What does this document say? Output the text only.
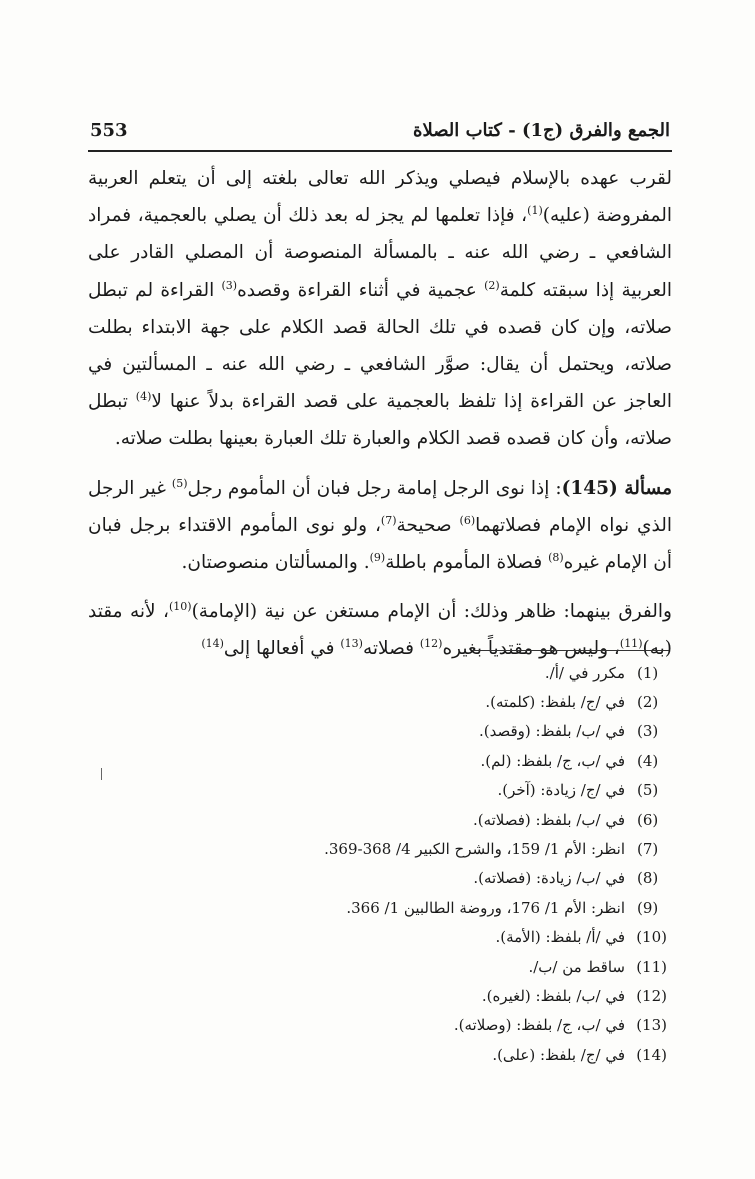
الجمع والفرق (ج1) - كتاب الصلاة
553

لقرب عهده بالإسلام فيصلي ويذكر الله تعالى بلغته إلى أن يتعلم العربية المفروضة (عليه)$^{(1)}$، فإذا تعلمها لم يجز له بعد ذلك أن يصلي بالعجمية، فمراد الشافعي ـ رضي الله عنه ـ بالمسألة المنصوصة أن المصلي القادر على العربية إذا سبقته كلمة$^{(2)}$ عجمية في أثناء القراءة وقصده$^{(3)}$ القراءة لم تبطل صلاته، وإن كان قصده في تلك الحالة قصد الكلام على جهة الابتداء بطلت صلاته، ويحتمل أن يقال: صوَّر الشافعي ـ رضي الله عنه ـ المسألتين في العاجز عن القراءة إذا تلفظ بالعجمية على قصد القراءة بدلاً عنها لا$^{(4)}$ تبطل صلاته، وأن كان قصده قصد الكلام والعبارة تلك العبارة بعينها بطلت صلاته.

مسألة (145): إذا نوى الرجل إمامة رجل فبان أن المأموم رجل$^{(5)}$ غير الرجل الذي نواه الإمام فصلاتهما$^{(6)}$ صحيحة$^{(7)}$، ولو نوى المأموم الاقتداء برجل فبان أن الإمام غيره$^{(8)}$ فصلاة المأموم باطلة$^{(9)}$. والمسألتان منصوصتان.

والفرق بينهما: ظاهر وذلك: أن الإمام مستغن عن نية (الإمامة)$^{(10)}$، لأنه مقتد (به)$^{(11)}$، وليس هو مقتدياً بغيره$^{(12)}$ فصلاته$^{(13)}$ في أفعالها إلى$^{(14)}$

(1)
مكرر في /أ/.
(2)
في /ج/ بلفظ: (كلمته).
(3)
في /ب/ بلفظ: (وقصد).
(4)
في /ب، ج/ بلفظ: (لم).
(5)
في /ج/ زيادة: (آخر).
(6)
في /ب/ بلفظ: (فصلاته).
(7)
انظر: الأم 1/ 159، والشرح الكبير 4/ 368-369.
(8)
في /ب/ زيادة: (فصلاته).
(9)
انظر: الأم 1/ 176، وروضة الطالبين 1/ 366.
(10)
في /أ/ بلفظ: (الأمة).
(11)
ساقط من /ب/.
(12)
في /ب/ بلفظ: (لغيره).
(13)
في /ب، ج/ بلفظ: (وصلاته).
(14)
في /ج/ بلفظ: (على).
